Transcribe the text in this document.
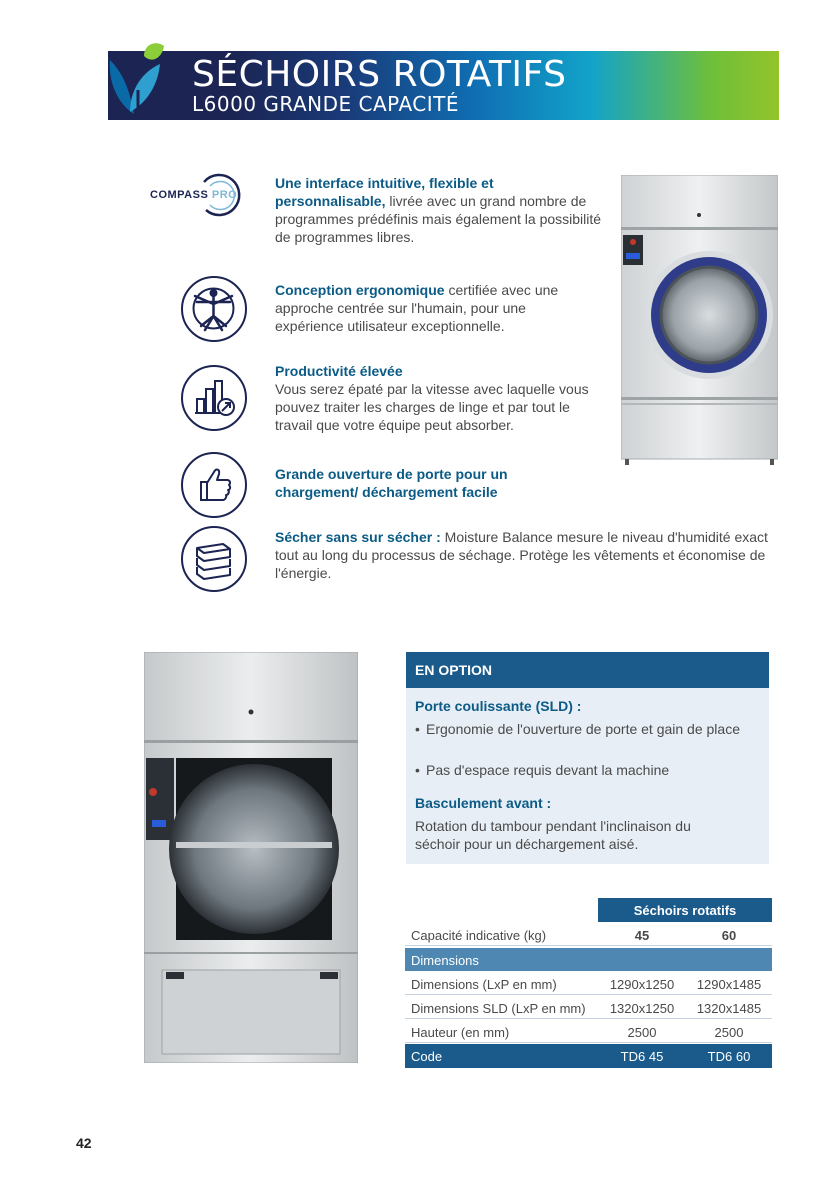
SÉCHOIRS ROTATIFS
L6000 GRANDE CAPACITÉ
COMPASS PRO
Une interface intuitive, flexible et personnalisable, livrée avec un grand nombre de programmes prédéfinis mais également la possibilité de programmes libres.
Conception ergonomique certifiée avec une approche centrée sur l'humain, pour une expérience utilisateur exceptionnelle.
Productivité élevée
Vous serez épaté par la vitesse avec laquelle vous pouvez traiter les charges de linge et par tout le travail que votre équipe peut absorber.
Grande ouverture de porte pour un chargement/ déchargement facile
Sécher sans sur sécher : Moisture Balance mesure le niveau d'humidité exact tout au long du processus de séchage. Protège les vêtements et économise de l'énergie.
EN OPTION
Porte coulissante (SLD) :
• Ergonomie de l'ouverture de porte et gain de place
• Pas d'espace requis devant la machine
Basculement avant :
Rotation du tambour pendant l'inclinaison du séchoir pour un déchargement aisé.
Séchoirs rotatifs
Capacité indicative (kg)	45	60
Dimensions
Dimensions (LxP en mm)	1290x1250	1290x1485
Dimensions SLD (LxP en mm)	1320x1250	1320x1485
Hauteur (en mm)	2500	2500
Code	TD6 45	TD6 60
42
